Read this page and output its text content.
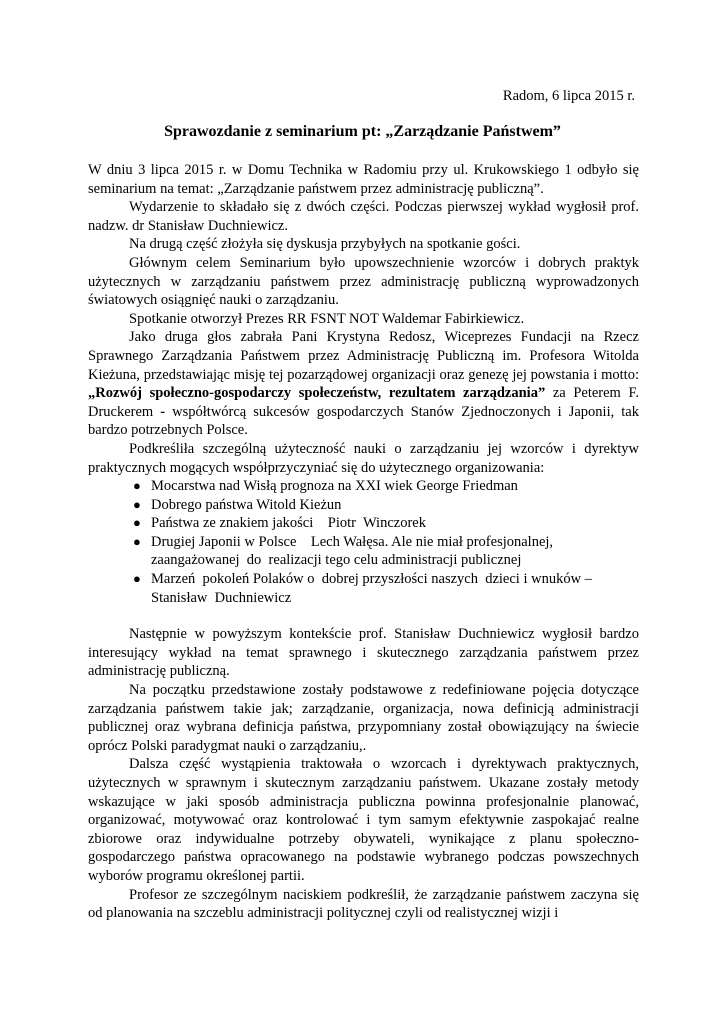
Radom, 6 lipca 2015 r.
Sprawozdanie z seminarium pt: „Zarządzanie Państwem”

W dniu 3 lipca 2015 r. w Domu Technika w Radomiu przy ul. Krukowskiego 1 odbyło się seminarium na temat: „Zarządzanie państwem przez administrację publiczną”.

Wydarzenie to składało się z dwóch części. Podczas pierwszej wykład wygłosił prof. nadzw. dr Stanisław Duchniewicz.

Na drugą część złożyła się dyskusja przybyłych na spotkanie gości.

Głównym celem Seminarium było upowszechnienie wzorców i dobrych praktyk użytecznych w zarządzaniu państwem przez administrację publiczną wyprowadzonych światowych osiągnięć nauki o zarządzaniu.

Spotkanie otworzył Prezes RR FSNT NOT Waldemar Fabirkiewicz.

Jako druga głos zabrała Pani Krystyna Redosz, Wiceprezes Fundacji na Rzecz Sprawnego Zarządzania Państwem przez Administrację Publiczną im. Profesora Witolda Kieżuna, przedstawiając misję tej pozarządowej organizacji oraz genezę jej powstania i motto: „Rozwój społeczno-gospodarczy społeczeństw, rezultatem zarządzania” za Peterem F. Druckerem - współtwórcą sukcesów gospodarczych Stanów Zjednoczonych i Japonii, tak bardzo potrzebnych Polsce.

Podkreśliła szczególną użyteczność nauki o zarządzaniu jej wzorców i dyrektyw praktycznych mogących współprzyczyniać się do użytecznego organizowania:

● Mocarstwa nad Wisłą prognoza na XXI wiek George Friedman
● Dobrego państwa Witold Kieżun
● Państwa ze znakiem jakości    Piotr  Winczorek
● Drugiej Japonii w Polsce    Lech Wałęsa. Ale nie miał profesjonalnej, zaangażowanej  do  realizacji tego celu administracji publicznej
● Marzeń  pokoleń Polaków o  dobrej przyszłości naszych  dzieci i wnuków – Stanisław  Duchniewicz

Następnie w powyższym kontekście prof. Stanisław Duchniewicz wygłosił bardzo interesujący wykład na temat sprawnego i skutecznego zarządzania państwem przez administrację publiczną.

Na początku przedstawione zostały podstawowe z redefiniowane pojęcia dotyczące zarządzania państwem takie jak; zarządzanie, organizacja, nowa definicją administracji publicznej oraz wybrana definicja państwa, przypomniany został obowiązujący na świecie oprócz Polski paradygmat nauki o zarządzaniu,.

Dalsza część wystąpienia traktowała o wzorcach i dyrektywach praktycznych, użytecznych w sprawnym i skutecznym zarządzaniu państwem. Ukazane zostały metody wskazujące w jaki sposób administracja publiczna powinna profesjonalnie planować, organizować, motywować oraz kontrolować i tym samym efektywnie zaspokajać realne zbiorowe oraz indywidualne potrzeby obywateli, wynikające z planu społeczno-gospodarczego państwa opracowanego na podstawie wybranego podczas powszechnych wyborów programu określonej partii.

Profesor ze szczególnym naciskiem podkreślił, że zarządzanie państwem zaczyna się od planowania na szczeblu administracji politycznej czyli od realistycznej wizji i
